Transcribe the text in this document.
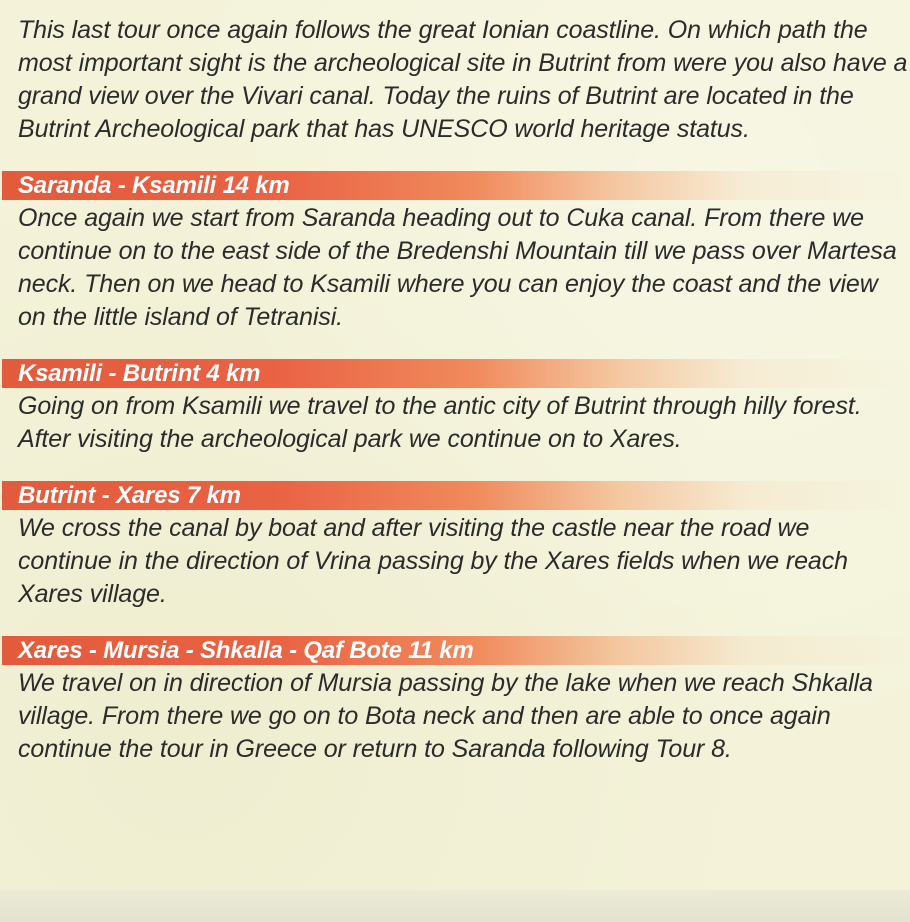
This last tour once again follows the great Ionian coastline. On which path the most important sight is the archeological site in Butrint from were you also have a grand view over the Vivari canal. Today the ruins of Butrint are located in the Butrint Archeological park that has UNESCO world heritage status.

Saranda - Ksamili 14 km

Once again we start from Saranda heading out to Cuka canal. From there we continue on to the east side of the Bredenshi Mountain till we pass over Martesa neck. Then on we head to Ksamili where you can enjoy the coast and the view on the little island of Tetranisi.

Ksamili - Butrint 4 km

Going on from Ksamili we travel to the antic city of Butrint through hilly forest. After visiting the archeological park we continue on to Xares.

Butrint - Xares 7 km

We cross the canal by boat and after visiting the castle near the road we continue in the direction of Vrina passing by the Xares fields when we reach Xares village.

Xares - Mursia - Shkalla - Qaf Bote 11 km

We travel on in direction of Mursia passing by the lake when we reach Shkalla village. From there we go on to Bota neck and then are able to once again continue the tour in Greece or return to Saranda following Tour 8.
